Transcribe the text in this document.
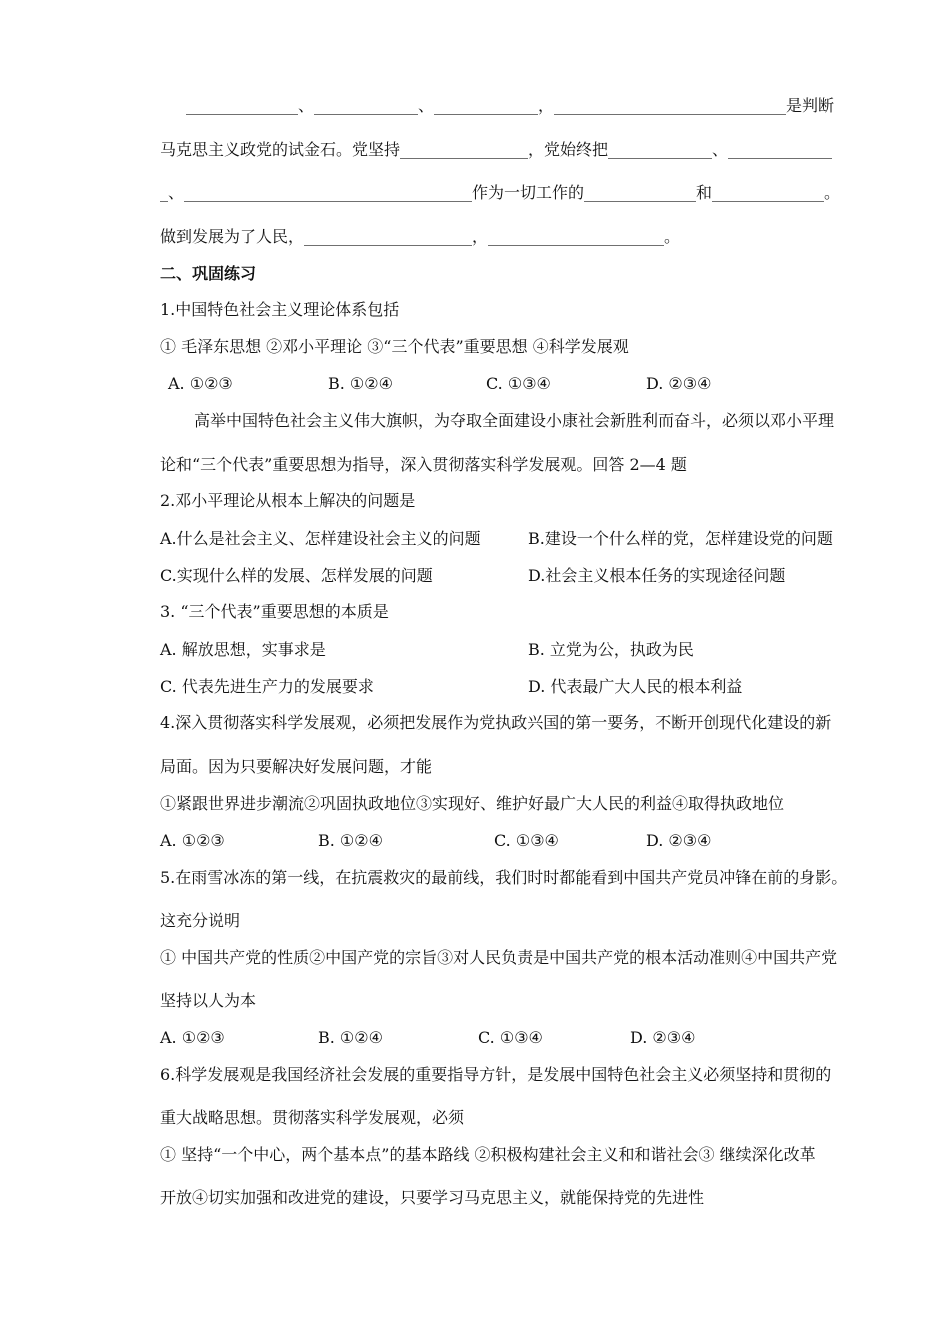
______________、_____________、_____________，_____________________________是判断
马克思主义政党的试金石。党坚持________________，党始终把_____________、_____________
_、____________________________________作为一切工作的______________和______________。
做到发展为了人民，_____________________，______________________。
二、巩固练习
1.中国特色社会主义理论体系包括
① 毛泽东思想 ②邓小平理论 ③“三个代表”重要思想 ④科学发展观
A. ①②③	B. ①②④	C. ①③④	D. ②③④
高举中国特色社会主义伟大旗帜，为夺取全面建设小康社会新胜利而奋斗，必须以邓小平理
论和“三个代表”重要思想为指导，深入贯彻落实科学发展观。回答 2—4 题
2.邓小平理论从根本上解决的问题是
A.什么是社会主义、怎样建设社会主义的问题	B.建设一个什么样的党，怎样建设党的问题
C.实现什么样的发展、怎样发展的问题	D.社会主义根本任务的实现途径问题
3. “三个代表”重要思想的本质是
A. 解放思想，实事求是	B. 立党为公，执政为民
C. 代表先进生产力的发展要求	D. 代表最广大人民的根本利益
4.深入贯彻落实科学发展观，必须把发展作为党执政兴国的第一要务，不断开创现代化建设的新
局面。因为只要解决好发展问题，才能
①紧跟世界进步潮流②巩固执政地位③实现好、维护好最广大人民的利益④取得执政地位
A. ①②③	B. ①②④	C. ①③④	D. ②③④
5.在雨雪冰冻的第一线，在抗震救灾的最前线，我们时时都能看到中国共产党员冲锋在前的身影。
这充分说明
① 中国共产党的性质②中国产党的宗旨③对人民负责是中国共产党的根本活动准则④中国共产党
坚持以人为本
A. ①②③	B. ①②④	C. ①③④	D. ②③④
6.科学发展观是我国经济社会发展的重要指导方针，是发展中国特色社会主义必须坚持和贯彻的
重大战略思想。贯彻落实科学发展观，必须
① 坚持“一个中心，两个基本点”的基本路线 ②积极构建社会主义和和谐社会③ 继续深化改革
开放④切实加强和改进党的建设，只要学习马克思主义，就能保持党的先进性
